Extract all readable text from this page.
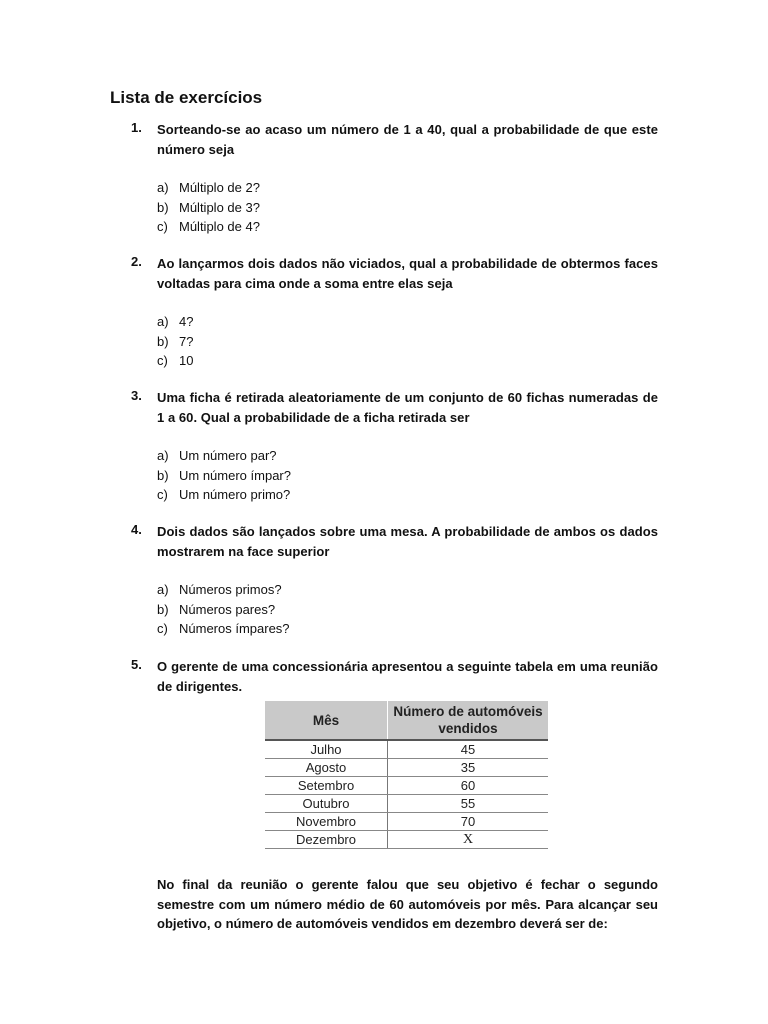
Lista de exercícios
1. Sorteando-se ao acaso um número de 1 a 40, qual a probabilidade de que este número seja
a) Múltiplo de 2?
b) Múltiplo de 3?
c) Múltiplo de 4?
2. Ao lançarmos dois dados não viciados, qual a probabilidade de obtermos faces voltadas para cima onde a soma entre elas seja
a) 4?
b) 7?
c) 10
3. Uma ficha é retirada aleatoriamente de um conjunto de 60 fichas numeradas de 1 a 60. Qual a probabilidade de a ficha retirada ser
a) Um número par?
b) Um número ímpar?
c) Um número primo?
4. Dois dados são lançados sobre uma mesa. A probabilidade de ambos os dados mostrarem na face superior
a) Números primos?
b) Números pares?
c) Números ímpares?
5. O gerente de uma concessionária apresentou a seguinte tabela em uma reunião de dirigentes.
Mês	Número de automóveis vendidos
Julho	45
Agosto	35
Setembro	60
Outubro	55
Novembro	70
Dezembro	X
No final da reunião o gerente falou que seu objetivo é fechar o segundo semestre com um número médio de 60 automóveis por mês. Para alcançar seu objetivo, o número de automóveis vendidos em dezembro deverá ser de:
